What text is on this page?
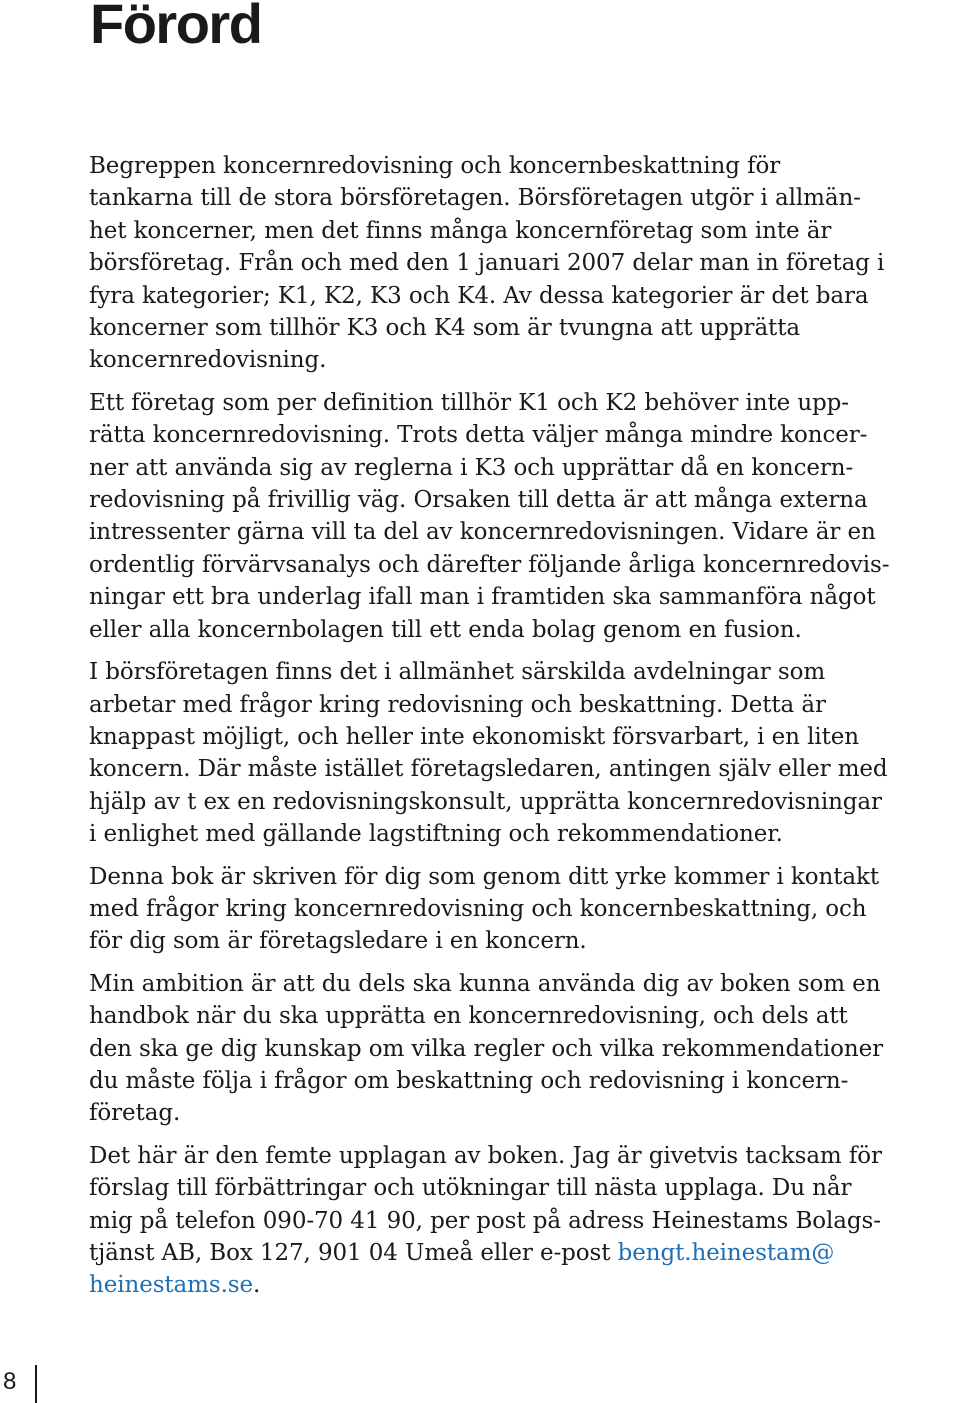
Förord

Begreppen koncernredovisning och koncernbeskattning för
tankarna till de stora börsföretagen. Börsföretagen utgör i allmän-
het koncerner, men det finns många koncernföretag som inte är
börsföretag. Från och med den 1 januari 2007 delar man in företag i
fyra kategorier; K1, K2, K3 och K4. Av dessa kategorier är det bara
koncerner som tillhör K3 och K4 som är tvungna att upprätta
koncernredovisning.

Ett företag som per definition tillhör K1 och K2 behöver inte upp-
rätta koncernredovisning. Trots detta väljer många mindre koncer-
ner att använda sig av reglerna i K3 och upprättar då en koncern-
redovisning på frivillig väg. Orsaken till detta är att många externa
intressenter gärna vill ta del av koncernredovisningen. Vidare är en
ordentlig förvärvsanalys och därefter följande årliga koncernredovis-
ningar ett bra underlag ifall man i framtiden ska sammanföra något
eller alla koncernbolagen till ett enda bolag genom en fusion.

I börsföretagen finns det i allmänhet särskilda avdelningar som
arbetar med frågor kring redovisning och beskattning. Detta är
knappast möjligt, och heller inte ekonomiskt försvarbart, i en liten
koncern. Där måste istället företagsledaren, antingen själv eller med
hjälp av t ex en redovisningskonsult, upprätta koncernredovisningar
i enlighet med gällande lagstiftning och rekommendationer.

Denna bok är skriven för dig som genom ditt yrke kommer i kontakt
med frågor kring koncernredovisning och koncernbeskattning, och
för dig som är företagsledare i en koncern.

Min ambition är att du dels ska kunna använda dig av boken som en
handbok när du ska upprätta en koncernredovisning, och dels att
den ska ge dig kunskap om vilka regler och vilka rekommendationer
du måste följa i frågor om beskattning och redovisning i koncern-
företag.

Det här är den femte upplagan av boken. Jag är givetvis tacksam för
förslag till förbättringar och utökningar till nästa upplaga. Du når
mig på telefon 090-70 41 90, per post på adress Heinestams Bolags-
tjänst AB, Box 127, 901 04 Umeå eller e-post bengt.heinestam@
heinestams.se.

8
